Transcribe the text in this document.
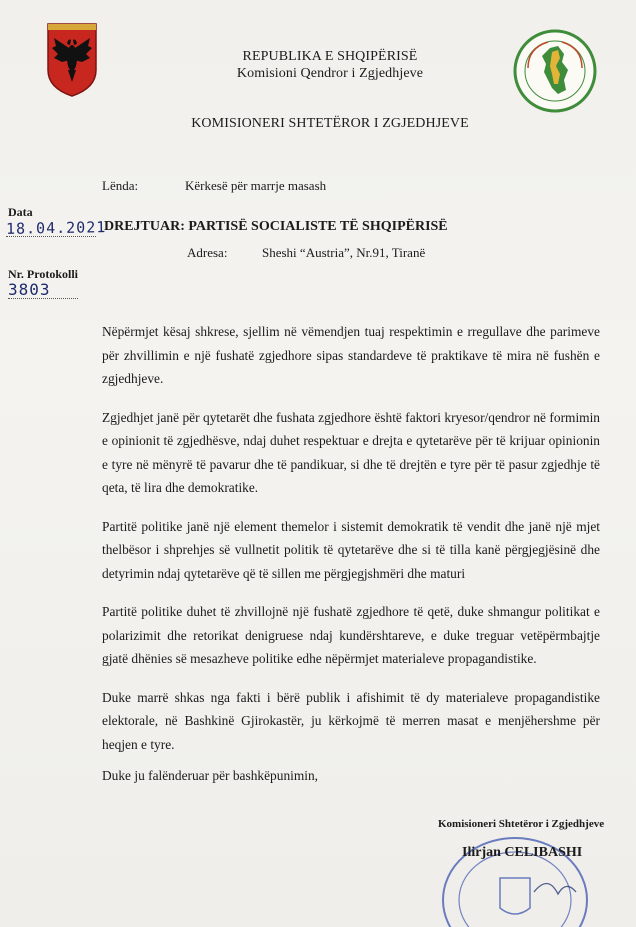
REPUBLIKA E SHQIPËRISË
Komisioni Qendror i Zgjedhjeve
KOMISIONERI SHTETËROR I ZGJEDHJEVE
Lënda:	Kërkesë për marrje masash
Data
18.04.2021
DREJTUAR: PARTISË SOCIALISTE TË SHQIPËRISË
Adresa:	Sheshi “Austria”, Nr.91, Tiranë
Nr. Protokolli
3803

Nëpërmjet kësaj shkrese, sjellim në vëmendjen tuaj respektimin e rregullave dhe parimeve për zhvillimin e një fushatë zgjedhore sipas standardeve të praktikave të mira në fushën e zgjedhjeve.

Zgjedhjet janë për qytetarët dhe fushata zgjedhore është faktori kryesor/qendror në formimin e opinionit të zgjedhësve, ndaj duhet respektuar e drejta e qytetarëve për të krijuar opinionin e tyre në mënyrë të pavarur dhe të pandikuar, si dhe të drejtën e tyre për të pasur zgjedhje të qeta, të lira dhe demokratike.

Partitë politike janë një element themelor i sistemit demokratik të vendit dhe janë një mjet thelbësor i shprehjes së vullnetit politik të qytetarëve dhe si të tilla kanë përgjegjësinë dhe detyrimin ndaj qytetarëve që të sillen me përgjegjshmëri dhe maturi

Partitë politike duhet të zhvillojnë një fushatë zgjedhore të qetë, duke shmangur politikat e polarizimit dhe retorikat denigruese ndaj kundërshtareve, e duke treguar vetëpërmbajtje gjatë dhënies së mesazheve politike edhe nëpërmjet materialeve propagandistike.

Duke marrë shkas nga fakti i bërë publik i afishimit të dy materialeve propagandistike elektorale, në Bashkinë Gjirokastër, ju kërkojmë të merren masat e menjëhershme për heqjen e tyre.

Duke ju falënderuar për bashkëpunimin,
Komisioneri Shtetëror i Zgjedhjeve
Ilirjan CELIBASHI
